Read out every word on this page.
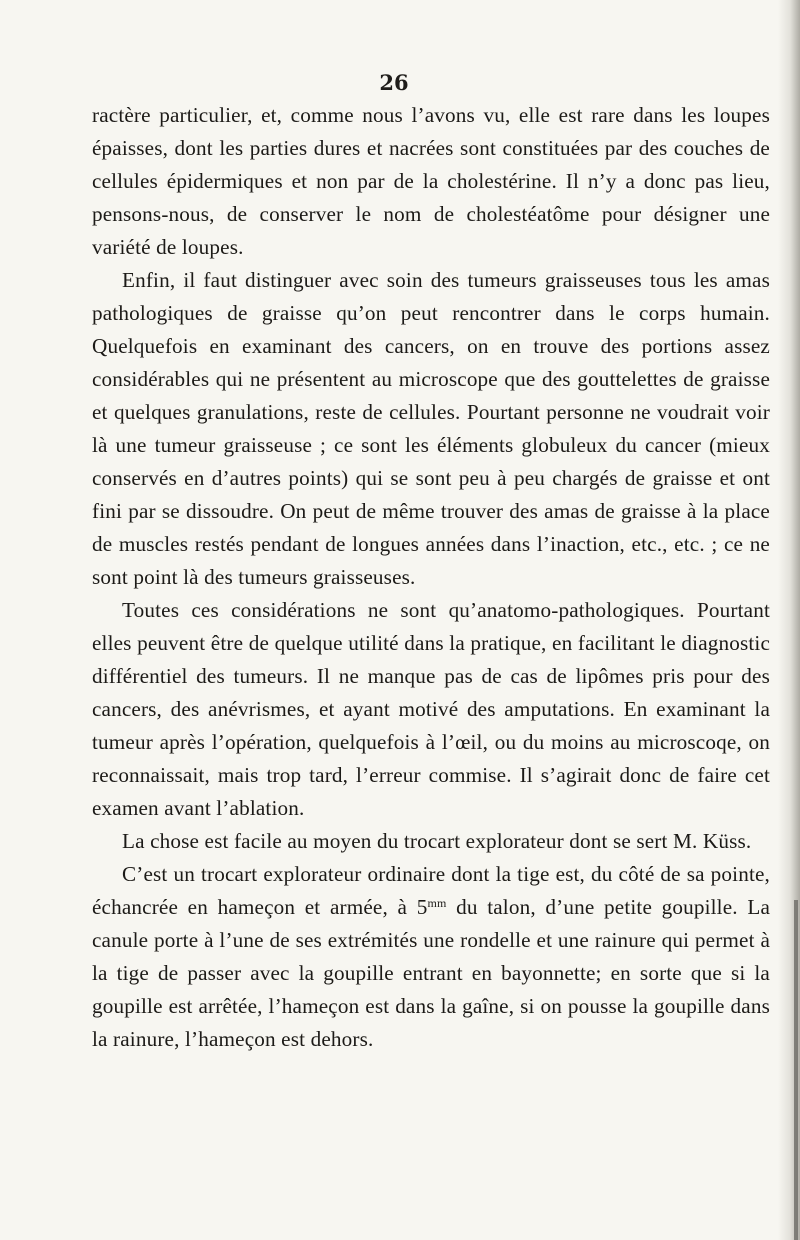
26

ractère particulier, et, comme nous l’avons vu, elle est rare dans les loupes épaisses, dont les parties dures et nacrées sont constituées par des couches de cellules épidermiques et non par de la cholestérine. Il n’y a donc pas lieu, pensons-nous, de conserver le nom de cholestéatôme pour désigner une variété de loupes.

Enfin, il faut distinguer avec soin des tumeurs graisseuses tous les amas pathologiques de graisse qu’on peut rencontrer dans le corps humain. Quelquefois en examinant des cancers, on en trouve des portions assez considérables qui ne présentent au microscope que des gouttelettes de graisse et quelques granulations, reste de cellules. Pourtant personne ne voudrait voir là une tumeur graisseuse ; ce sont les éléments globuleux du cancer (mieux conservés en d’autres points) qui se sont peu à peu chargés de graisse et ont fini par se dissoudre. On peut de même trouver des amas de graisse à la place de muscles restés pendant de longues années dans l’inaction, etc., etc. ; ce ne sont point là des tumeurs graisseuses.

Toutes ces considérations ne sont qu’anatomo-pathologiques. Pourtant elles peuvent être de quelque utilité dans la pratique, en facilitant le diagnostic différentiel des tumeurs. Il ne manque pas de cas de lipômes pris pour des cancers, des anévrismes, et ayant motivé des amputations. En examinant la tumeur après l’opération, quelquefois à l’œil, ou du moins au microscoqe, on reconnaissait, mais trop tard, l’erreur commise. Il s’agirait donc de faire cet examen avant l’ablation.

La chose est facile au moyen du trocart explorateur dont se sert M. Küss.

C’est un trocart explorateur ordinaire dont la tige est, du côté de sa pointe, échancrée en hameçon et armée, à $5^{mm}$ du talon, d’une petite goupille. La canule porte à l’une de ses extrémités une rondelle et une rainure qui permet à la tige de passer avec la goupille entrant en bayonnette; en sorte que si la goupille est arrêtée, l’hameçon est dans la gaîne, si on pousse la goupille dans la rainure, l’hameçon est dehors.
